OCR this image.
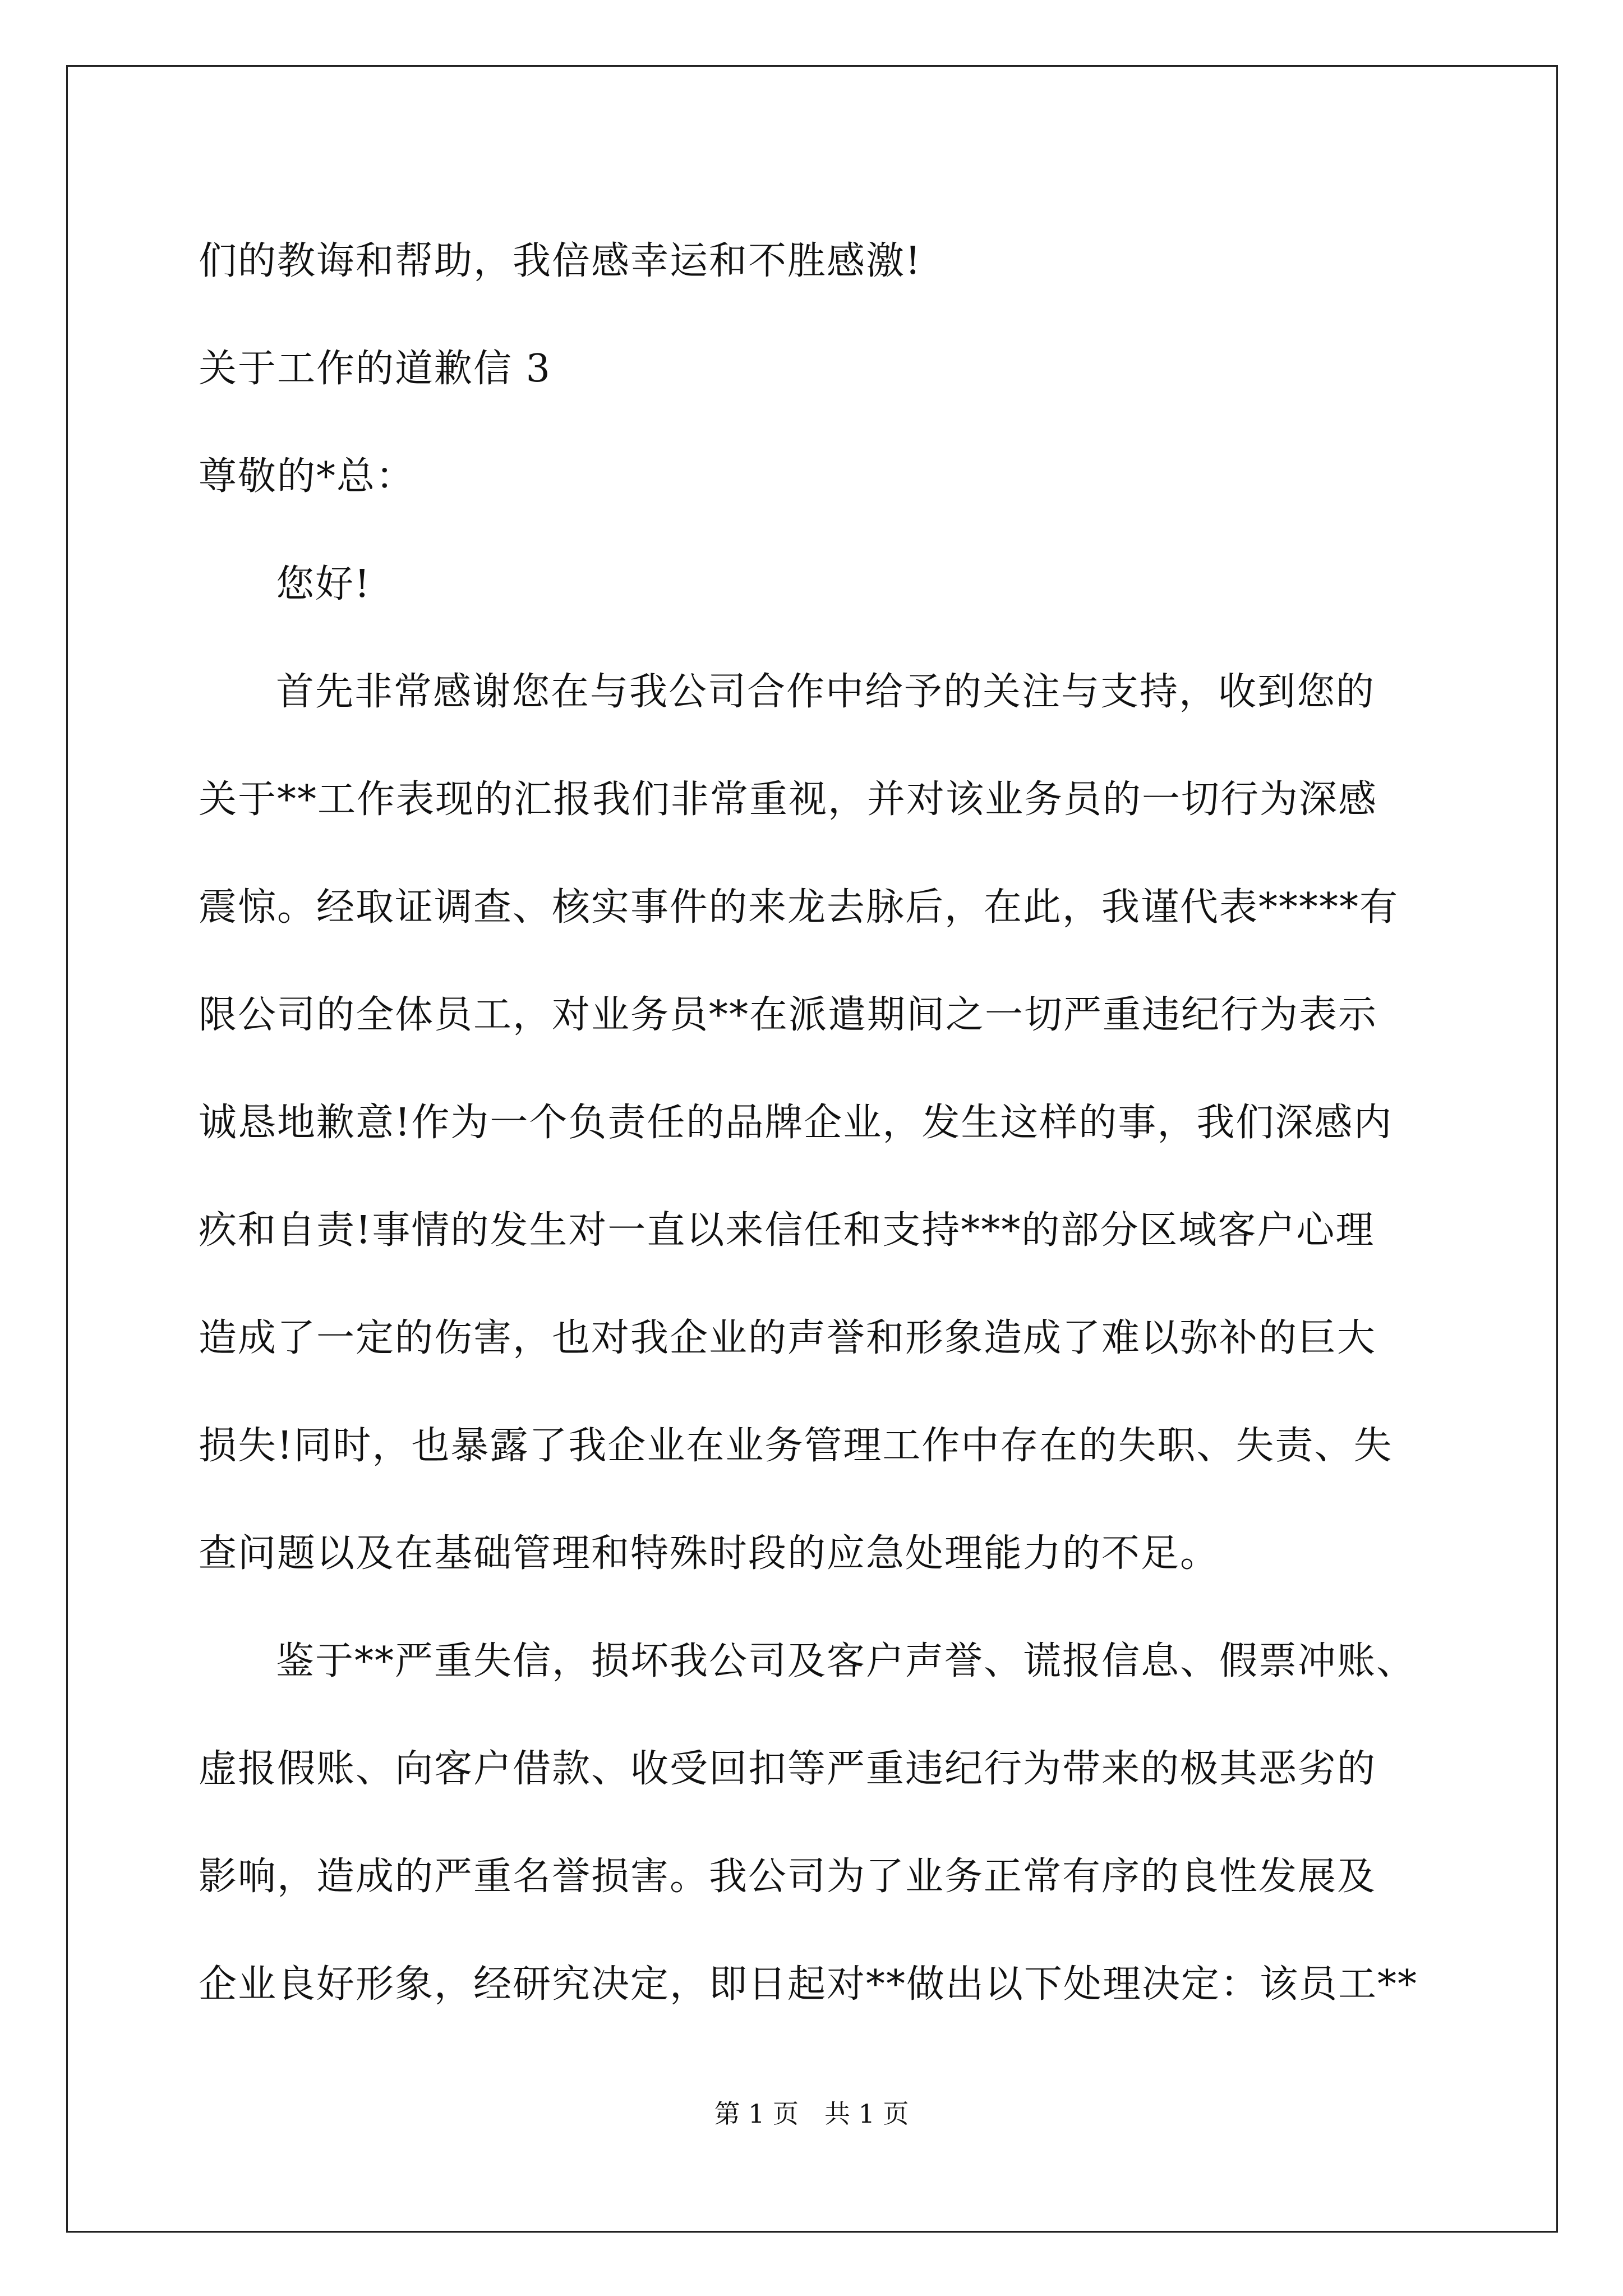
们的教诲和帮助，我倍感幸运和不胜感激!
关于工作的道歉信 3
尊敬的*总：
您好!
首先非常感谢您在与我公司合作中给予的关注与支持，收到您的
关于**工作表现的汇报我们非常重视，并对该业务员的一切行为深感
震惊。经取证调查、核实事件的来龙去脉后，在此，我谨代表*****有
限公司的全体员工，对业务员**在派遣期间之一切严重违纪行为表示
诚恳地歉意!作为一个负责任的品牌企业，发生这样的事，我们深感内
疚和自责!事情的发生对一直以来信任和支持***的部分区域客户心理
造成了一定的伤害，也对我企业的声誉和形象造成了难以弥补的巨大
损失!同时，也暴露了我企业在业务管理工作中存在的失职、失责、失
查问题以及在基础管理和特殊时段的应急处理能力的不足。
鉴于**严重失信，损坏我公司及客户声誉、谎报信息、假票冲账、
虚报假账、向客户借款、收受回扣等严重违纪行为带来的极其恶劣的
影响，造成的严重名誉损害。我公司为了业务正常有序的良性发展及
企业良好形象，经研究决定，即日起对**做出以下处理决定：该员工**
第 1 页 共 1 页
